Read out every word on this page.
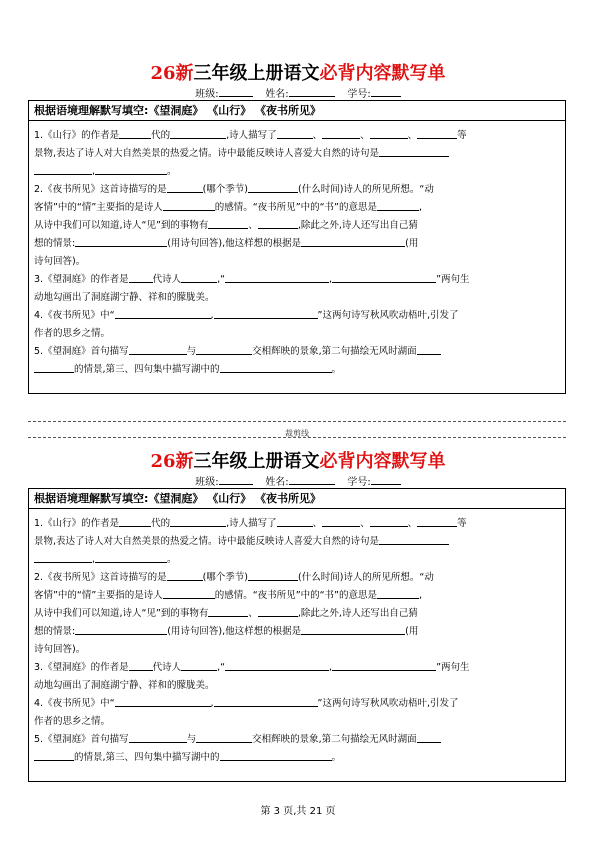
26新三年级上册语文必背内容默写单
班级:	姓名:	学号:
根据语境理解默写填空:《望洞庭》 《山行》 《夜书所见》

1.《山行》的作者是	代的	,诗人描写了	、	、	、	等
景物,表达了诗人对大自然美景的热爱之情。诗中最能反映诗人喜爱大自然的诗句是
,	。

2.《夜书所见》这首诗描写的是	(哪个季节)	(什么时间)诗人的所见所想。“动
客情”中的“情”主要指的是诗人	的感情。“夜书所见”中的“书”的意思是	,
从诗中我们可以知道,诗人“见”到的事物有	、	,除此之外,诗人还写出自己猜
想的情景:	(用诗句回答),他这样想的根据是	(用
诗句回答)。

3.《望洞庭》的作者是	代诗人	,“	,	”两句生
动地勾画出了洞庭湖宁静、祥和的朦胧美。

4.《夜书所见》中“	,	”这两句诗写秋风吹动梧叶,引发了
作者的思乡之情。

5.《望洞庭》首句描写	与	交相辉映的景象,第二句描绘无风时湖面
的情景,第三、四句集中描写湖中的	。

裁剪线
26新三年级上册语文必背内容默写单
班级:	姓名:	学号:
根据语境理解默写填空:《望洞庭》 《山行》 《夜书所见》

1.《山行》的作者是	代的	,诗人描写了	、	、	、	等
景物,表达了诗人对大自然美景的热爱之情。诗中最能反映诗人喜爱大自然的诗句是
,	。

2.《夜书所见》这首诗描写的是	(哪个季节)	(什么时间)诗人的所见所想。“动
客情”中的“情”主要指的是诗人	的感情。“夜书所见”中的“书”的意思是	,
从诗中我们可以知道,诗人“见”到的事物有	、	,除此之外,诗人还写出自己猜
想的情景:	(用诗句回答),他这样想的根据是	(用
诗句回答)。

3.《望洞庭》的作者是	代诗人	,“	,	”两句生
动地勾画出了洞庭湖宁静、祥和的朦胧美。

4.《夜书所见》中“	,	”这两句诗写秋风吹动梧叶,引发了
作者的思乡之情。

5.《望洞庭》首句描写	与	交相辉映的景象,第二句描绘无风时湖面
的情景,第三、四句集中描写湖中的	。

第 3 页,共 21 页
